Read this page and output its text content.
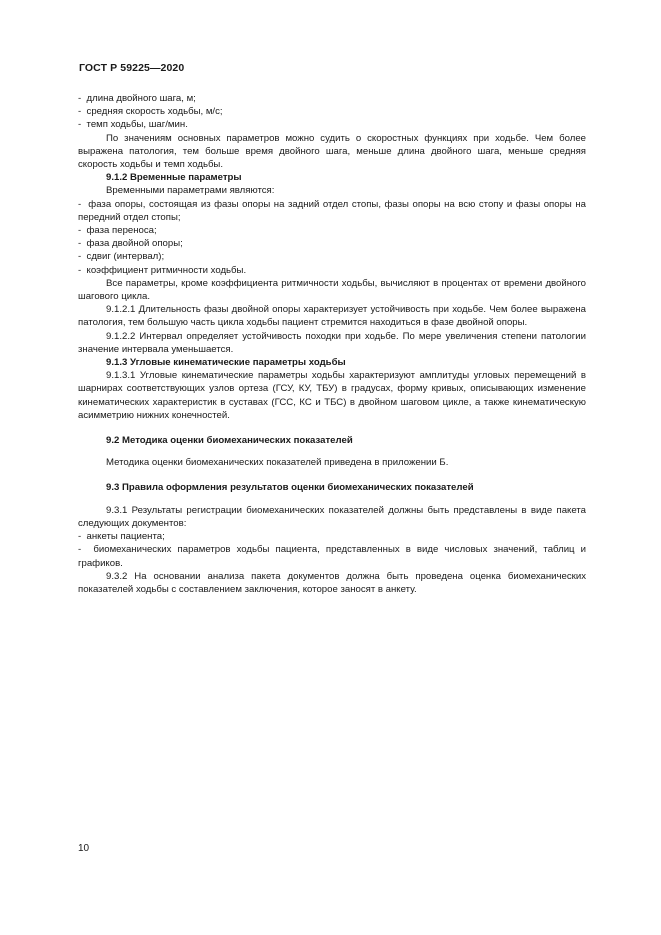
ГОСТ Р 59225—2020

-  длина двойного шага, м;

-  средняя скорость ходьбы, м/с;

-  темп ходьбы, шаг/мин.

По значениям основных параметров можно судить о скоростных функциях при ходьбе. Чем более выражена патология, тем больше время двойного шага, меньше длина двойного шага, меньше средняя скорость ходьбы и темп ходьбы.

9.1.2 Временные параметры

Временными параметрами являются:

-  фаза опоры, состоящая из фазы опоры на задний отдел стопы, фазы опоры на всю стопу и фазы опоры на передний отдел стопы;

-  фаза переноса;

-  фаза двойной опоры;

-  сдвиг (интервал);

-  коэффициент ритмичности ходьбы.

Все параметры, кроме коэффициента ритмичности ходьбы, вычисляют в процентах от времени двойного шагового цикла.

9.1.2.1 Длительность фазы двойной опоры характеризует устойчивость при ходьбе. Чем более выражена патология, тем большую часть цикла ходьбы пациент стремится находиться в фазе двойной опоры.

9.1.2.2 Интервал определяет устойчивость походки при ходьбе. По мере увеличения степени патологии значение интервала уменьшается.

9.1.3 Угловые кинематические параметры ходьбы

9.1.3.1 Угловые кинематические параметры ходьбы характеризуют амплитуды угловых перемещений в шарнирах соответствующих узлов ортеза (ГСУ, КУ, ТБУ) в градусах, форму кривых, описывающих изменение кинематических характеристик в суставах (ГСС, КС и ТБС) в двойном шаговом цикле, а также кинематическую асимметрию нижних конечностей.

9.2 Методика оценки биомеханических показателей

Методика оценки биомеханических показателей приведена в приложении Б.

9.3 Правила оформления результатов оценки биомеханических показателей

9.3.1 Результаты регистрации биомеханических показателей должны быть представлены в виде пакета следующих документов:

-  анкеты пациента;

-  биомеханических параметров ходьбы пациента, представленных в виде числовых значений, таблиц и графиков.

9.3.2 На основании анализа пакета документов должна быть проведена оценка биомеханических показателей ходьбы с составлением заключения, которое заносят в анкету.

10
